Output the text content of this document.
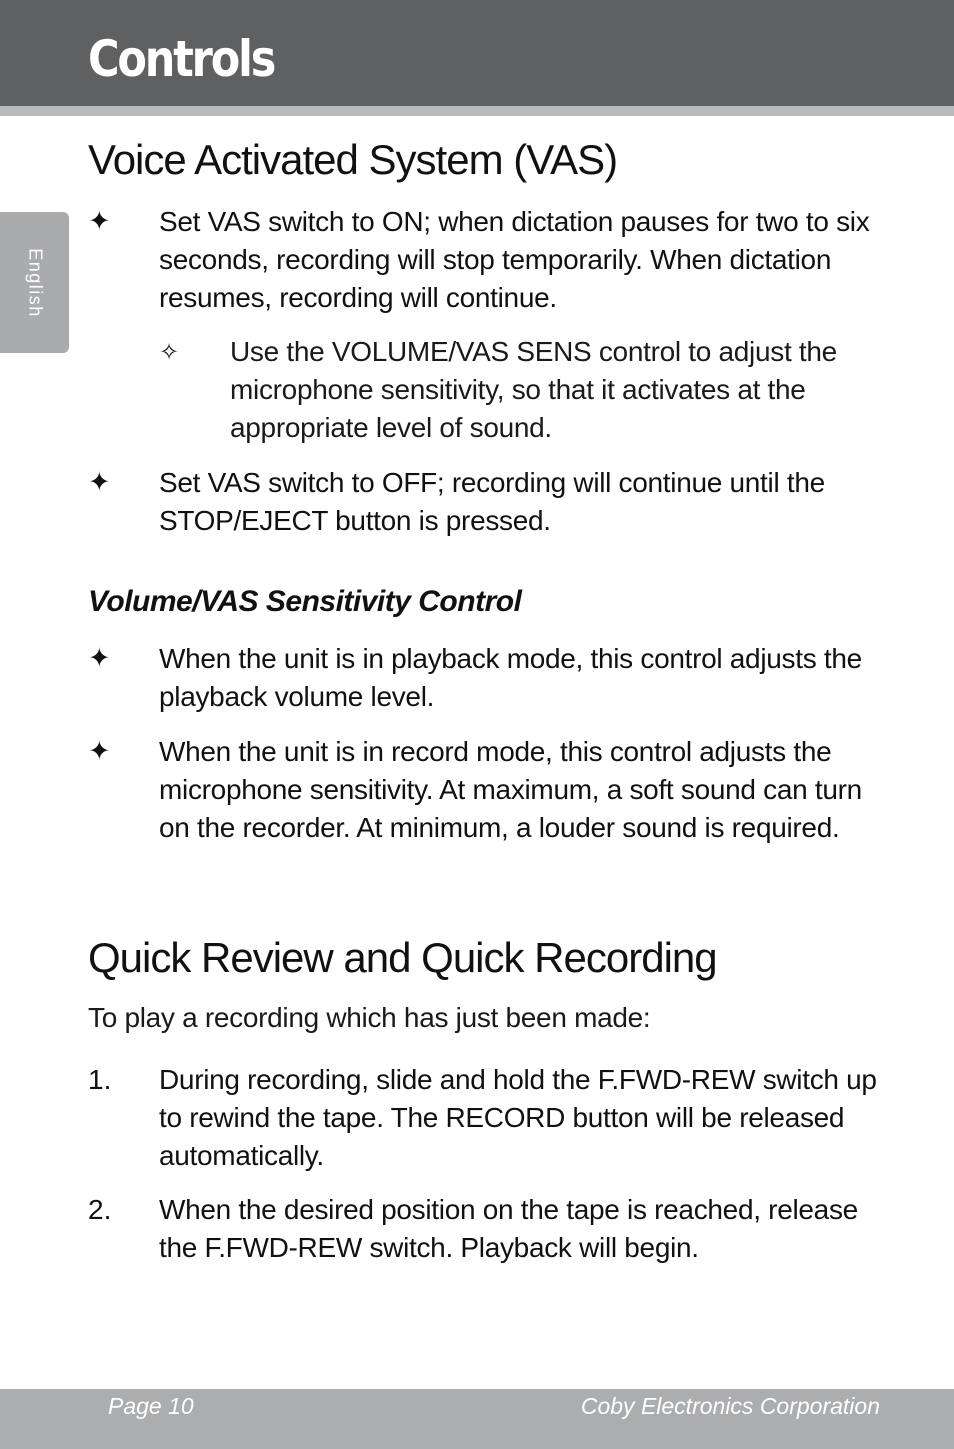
Controls
English
Voice Activated System (VAS)
✦ Set VAS switch to ON; when dictation pauses for two to six seconds, recording will stop temporarily. When dictation resumes, recording will continue.
✧ Use the VOLUME/VAS SENS control to adjust the microphone sensitivity, so that it activates at the appropriate level of sound.
✦ Set VAS switch to OFF; recording will continue until the STOP/EJECT button is pressed.
Volume/VAS Sensitivity Control
✦ When the unit is in playback mode, this control adjusts the playback volume level.
✦ When the unit is in record mode, this control adjusts the microphone sensitivity. At maximum, a soft sound can turn on the recorder. At minimum, a louder sound is required.
Quick Review and Quick Recording
To play a recording which has just been made:
1. During recording, slide and hold the F.FWD-REW switch up to rewind the tape. The RECORD button will be released automatically.
2. When the desired position on the tape is reached, release the F.FWD-REW switch. Playback will begin.
Page 10	Coby Electronics Corporation
